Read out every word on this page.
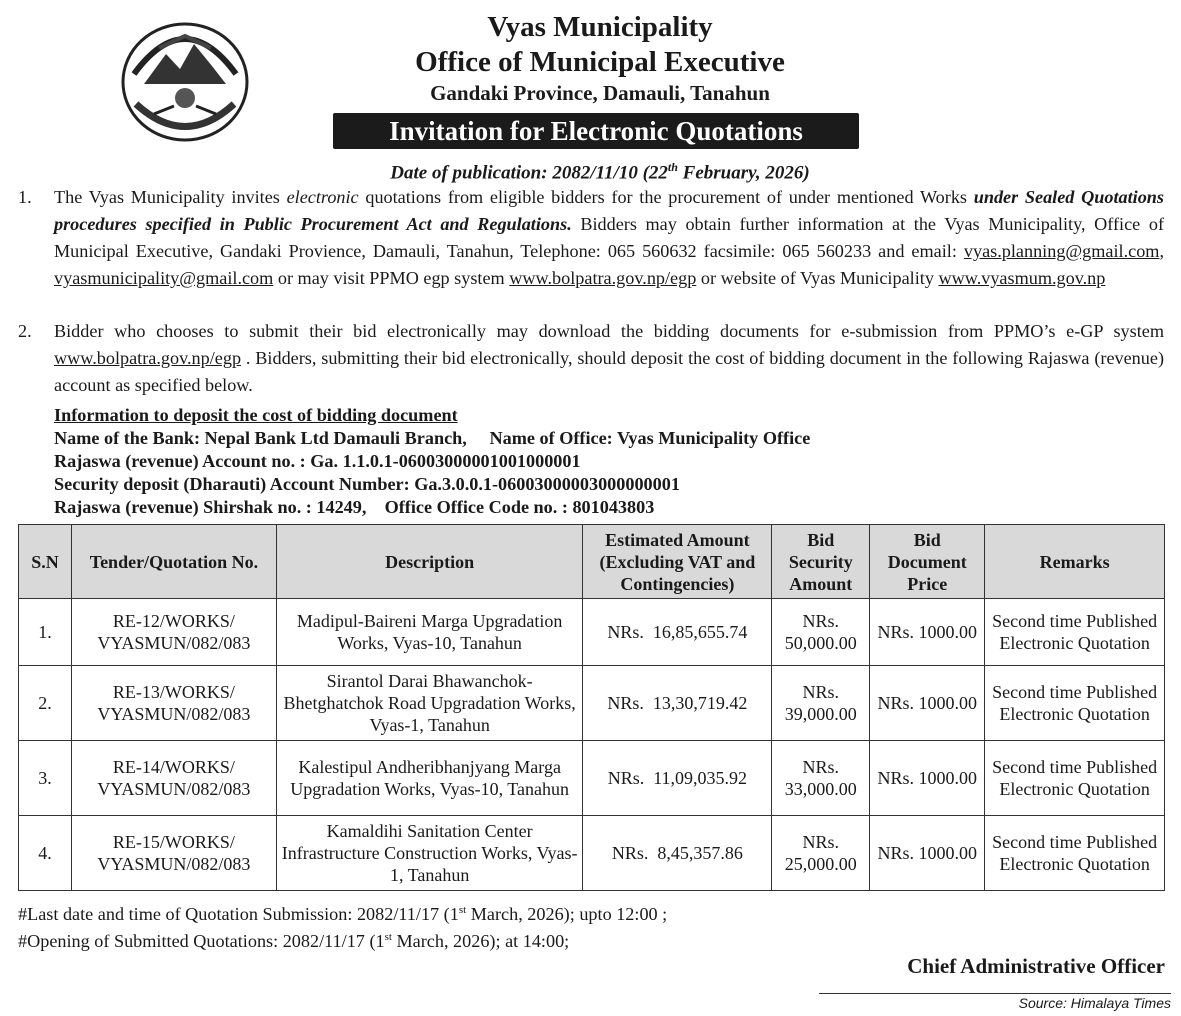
Vyas Municipality
Office of Municipal Executive
Gandaki Province, Damauli, Tanahun
Invitation for Electronic Quotations
Date of publication: 2082/11/10 (22th February, 2026)
1. The Vyas Municipality invites electronic quotations from eligible bidders for the procurement of under mentioned Works under Sealed Quotations procedures specified in Public Procurement Act and Regulations. Bidders may obtain further information at the Vyas Municipality, Office of Municipal Executive, Gandaki Provience, Damauli, Tanahun, Telephone: 065 560632 facsimile: 065 560233 and email: vyas.planning@gmail.com, vyasmunicipality@gmail.com or may visit PPMO egp system www.bolpatra.gov.np/egp or website of Vyas Municipality www.vyasmum.gov.np
2. Bidder who chooses to submit their bid electronically may download the bidding documents for e-submission from PPMO’s e-GP system www.bolpatra.gov.np/egp . Bidders, submitting their bid electronically, should deposit the cost of bidding document in the following Rajaswa (revenue) account as specified below.
Information to deposit the cost of bidding document
Name of the Bank: Nepal Bank Ltd Damauli Branch,     Name of Office: Vyas Municipality Office
Rajaswa (revenue) Account no. : Ga. 1.1.0.1-06003000001001000001
Security deposit (Dharauti) Account Number: Ga.3.0.0.1-06003000003000000001
Rajaswa (revenue) Shirshak no. : 14249,    Office Office Code no. : 801043803
S.N	Tender/Quotation No.	Description	Estimated Amount (Excluding VAT and Contingencies)	Bid Security Amount	Bid Document Price	Remarks
1.	RE-12/WORKS/ VYASMUN/082/083	Madipul-Baireni Marga Upgradation Works, Vyas-10, Tanahun	NRs.  16,85,655.74	NRs. 50,000.00	NRs. 1000.00	Second time Published Electronic Quotation
2.	RE-13/WORKS/ VYASMUN/082/083	Sirantol Darai Bhawanchok-Bhetghatchok Road Upgradation Works, Vyas-1, Tanahun	NRs.  13,30,719.42	NRs. 39,000.00	NRs. 1000.00	Second time Published Electronic Quotation
3.	RE-14/WORKS/ VYASMUN/082/083	Kalestipul Andheribhanjyang Marga Upgradation Works, Vyas-10, Tanahun	NRs.  11,09,035.92	NRs. 33,000.00	NRs. 1000.00	Second time Published Electronic Quotation
4.	RE-15/WORKS/ VYASMUN/082/083	Kamaldihi Sanitation Center Infrastructure Construction Works, Vyas-1, Tanahun	NRs.  8,45,357.86	NRs. 25,000.00	NRs. 1000.00	Second time Published Electronic Quotation
#Last date and time of Quotation Submission: 2082/11/17 (1st March, 2026); upto 12:00 ;
#Opening of Submitted Quotations: 2082/11/17 (1st March, 2026); at 14:00;
Chief Administrative Officer
Source: Himalaya Times
